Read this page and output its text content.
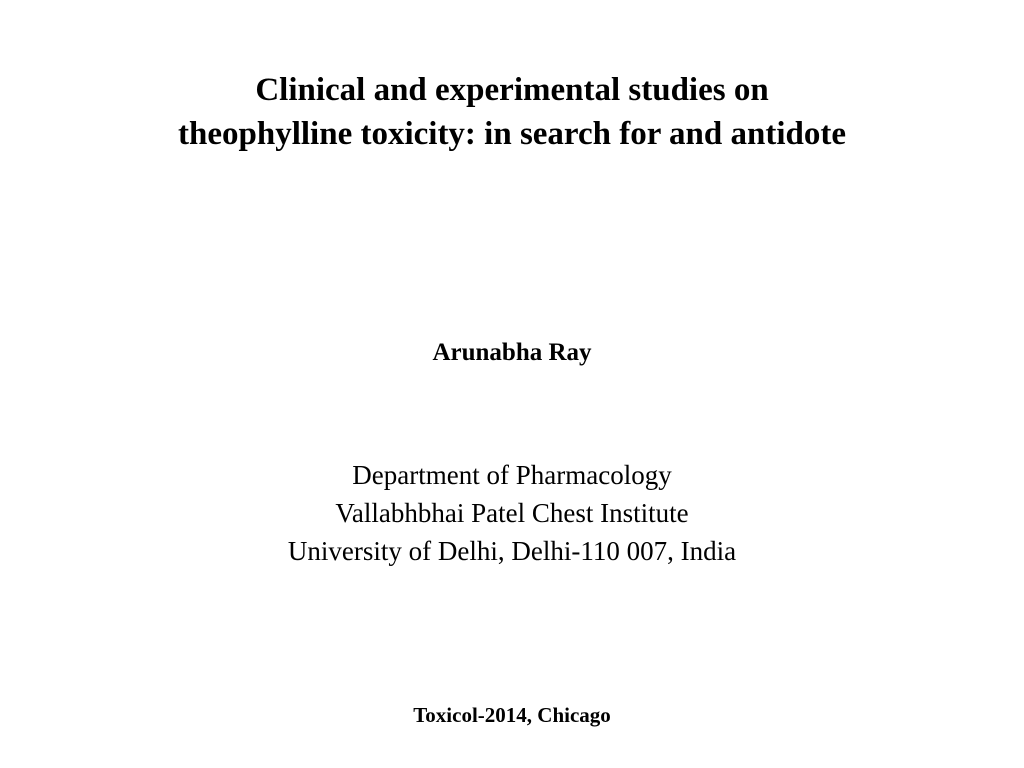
Clinical and experimental studies on
theophylline toxicity: in search for and antidote
Arunabha Ray
Department of Pharmacology
Vallabhbhai Patel Chest Institute
University of Delhi, Delhi-110 007, India
Toxicol-2014, Chicago
